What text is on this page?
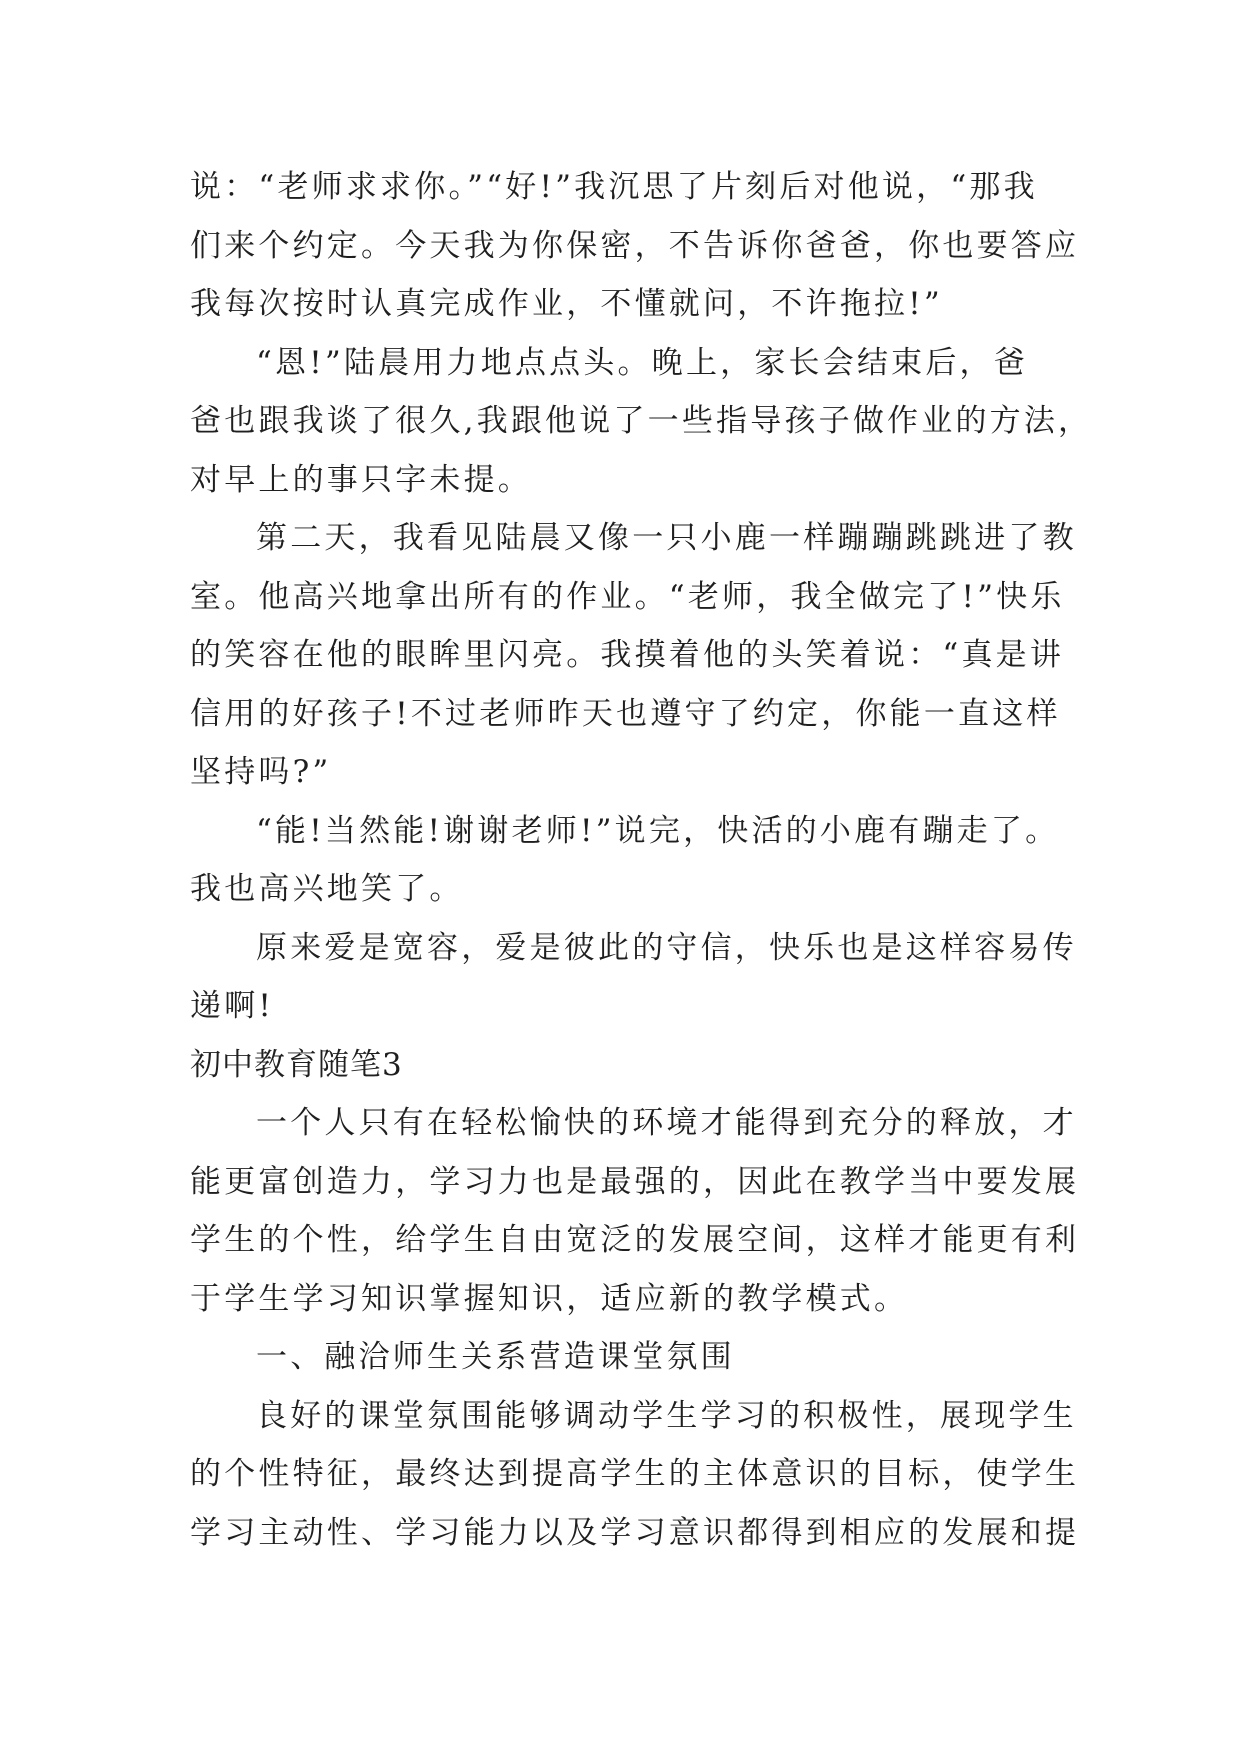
说：“老师求求你。”“好!”我沉思了片刻后对他说，“那我
们来个约定。今天我为你保密，不告诉你爸爸，你也要答应
我每次按时认真完成作业，不懂就问，不许拖拉!”
“恩!”陆晨用力地点点头。晚上，家长会结束后，爸
爸也跟我谈了很久,我跟他说了一些指导孩子做作业的方法，
对早上的事只字未提。
第二天，我看见陆晨又像一只小鹿一样蹦蹦跳跳进了教
室。他高兴地拿出所有的作业。“老师，我全做完了!”快乐
的笑容在他的眼眸里闪亮。我摸着他的头笑着说：“真是讲
信用的好孩子!不过老师昨天也遵守了约定，你能一直这样
坚持吗?”
“能!当然能!谢谢老师!”说完，快活的小鹿有蹦走了。
我也高兴地笑了。
原来爱是宽容，爱是彼此的守信，快乐也是这样容易传
递啊!
初中教育随笔3
一个人只有在轻松愉快的环境才能得到充分的释放，才
能更富创造力，学习力也是最强的，因此在教学当中要发展
学生的个性，给学生自由宽泛的发展空间，这样才能更有利
于学生学习知识掌握知识，适应新的教学模式。
一、融洽师生关系营造课堂氛围
良好的课堂氛围能够调动学生学习的积极性，展现学生
的个性特征，最终达到提高学生的主体意识的目标，使学生
学习主动性、学习能力以及学习意识都得到相应的发展和提
